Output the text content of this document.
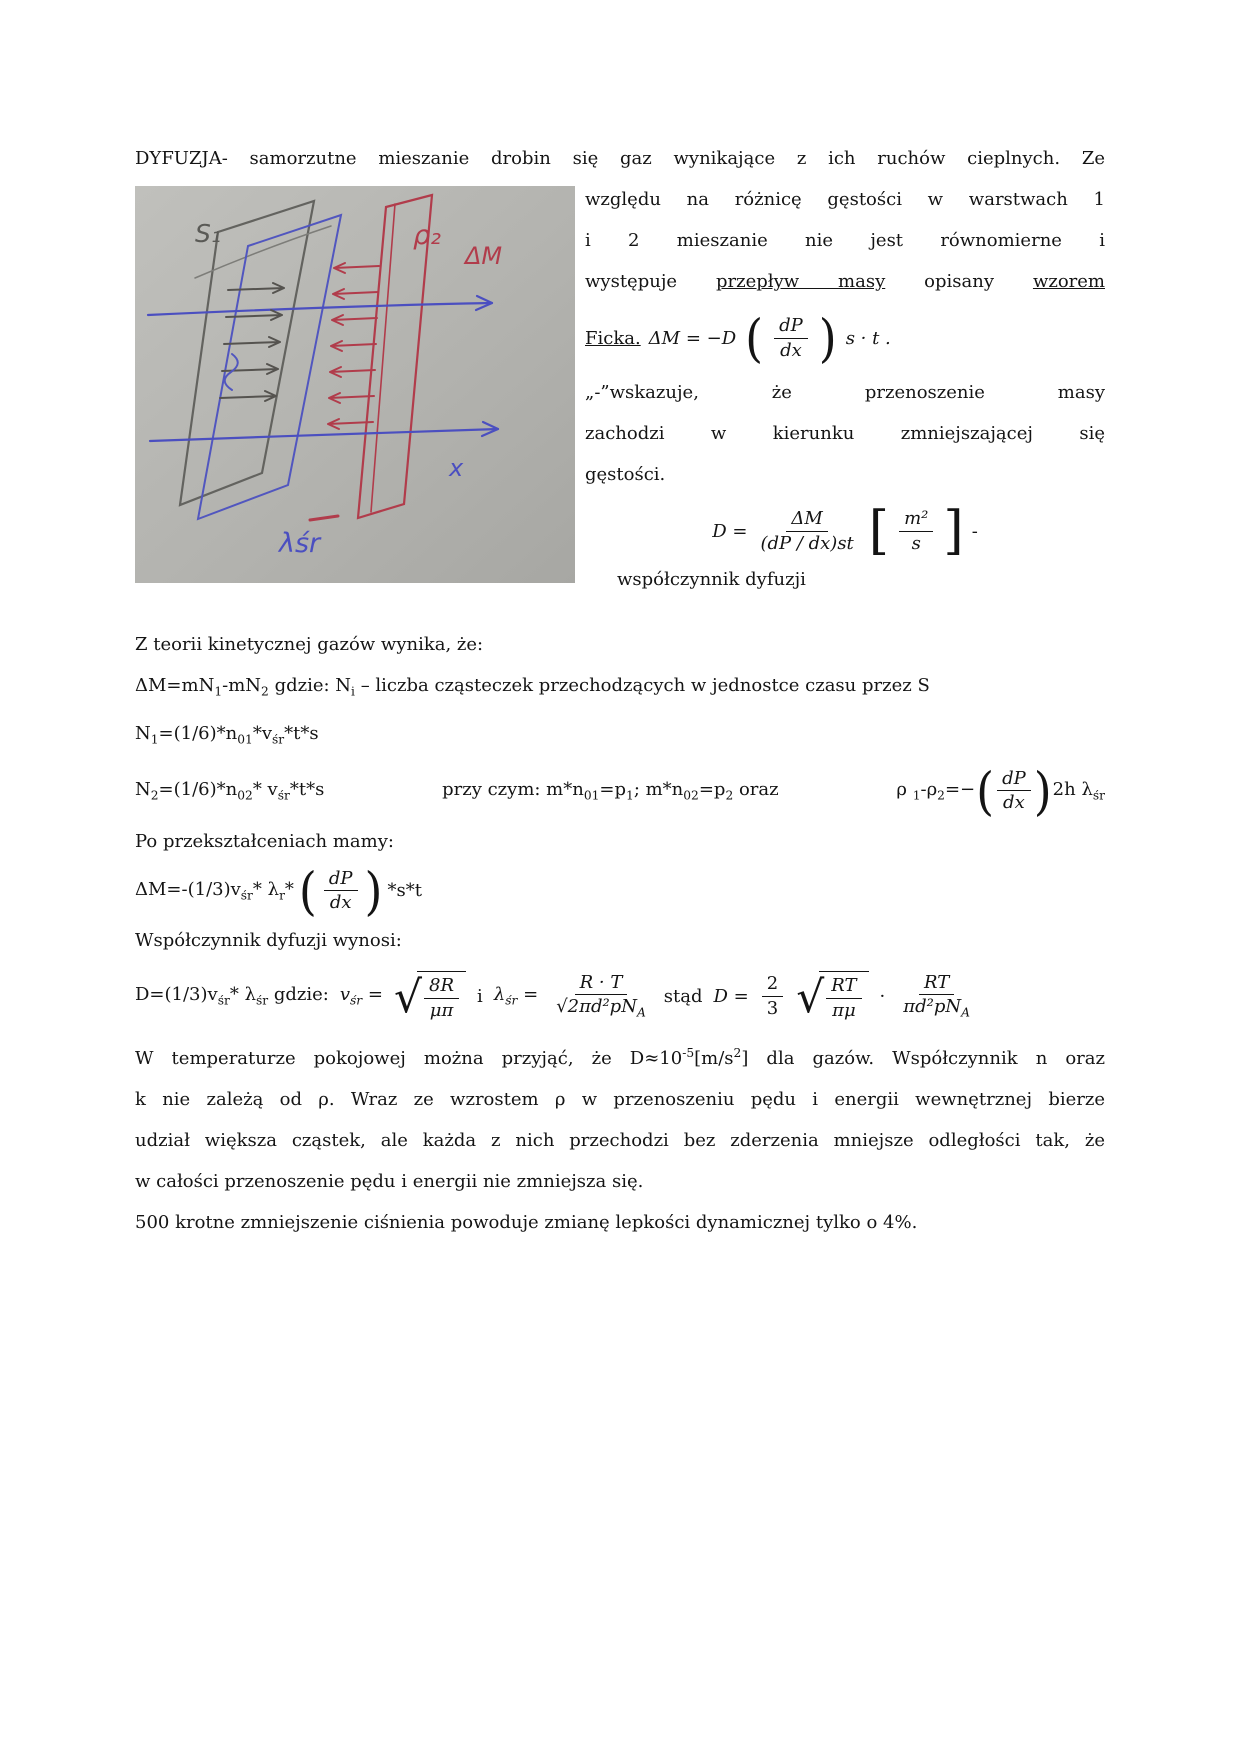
DYFUZJA- samorzutne mieszanie drobin się gaz wynikające z ich ruchów cieplnych. Ze
S₁	ρ₂
ΔM
x
λśr
względu na różnicę gęstości w warstwach 1
i 2 mieszanie nie jest równomierne i
występuje przepływ masy opisany wzorem
Ficka. ΔM = −D ( $\frac{dP}{dx}$ ) s · t .
„-”wskazuje, że przenoszenie masy
zachodzi w kierunku zmniejszającej się
gęstości.
$D = \frac{\Delta M}{(dP / dx)st}$ [ $\frac{\text{m²}}{s}$ ] -
współczynnik dyfuzji
Z teorii kinetycznej gazów wynika, że:
$\Delta M=mN_1-mN_2$ gdzie: $N_i$ – liczba cząsteczek przechodzących w jednostce czasu przez S
$N_1=(1/6)*n_{01}*v_{śr}*t*s$
$N_2=(1/6)*n_{02}*$ $v_{śr}*t*s$	przy czym: $m*n_{01}=p_1$; $m*n_{02}=p_2$ oraz	ρ $_1-\rho_2=-$ ( $\frac{dP}{dx}$ ) 2h $\lambda_{śr}$
Po przekształceniach mamy:
$\Delta M=-(1/3)v_{śr}*$ $\lambda_r*$ ( $\frac{dP}{dx}$ ) *s*t
Współczynnik dyfuzji wynosi:
$D=(1/3)v_{śr}*$ $\lambda_{śr}$ gdzie: $v_{śr}$ = √ $\frac{8R}{\mu\pi}$ i $\lambda_{śr} = \frac{R \cdot T}{√2\pi d^2pN_A}$ stąd $D = \frac{2}{3}$ √ $\frac{RT}{\pi\mu} \cdot \frac{RT}{\pi d^2pN_A}$
W temperaturze pokojowej można przyjąć, że $D\approx 10^{-5}[m/s^2]$ dla gazów. Współczynnik n oraz
k nie zależą od ρ. Wraz ze wzrostem ρ w przenoszeniu pędu i energii wewnętrznej bierze
udział większa cząstek, ale każda z nich przechodzi bez zderzenia mniejsze odległości tak, że
w całości przenoszenie pędu i energii nie zmniejsza się.
500 krotne zmniejszenie ciśnienia powoduje zmianę lepkości dynamicznej tylko o 4%.
